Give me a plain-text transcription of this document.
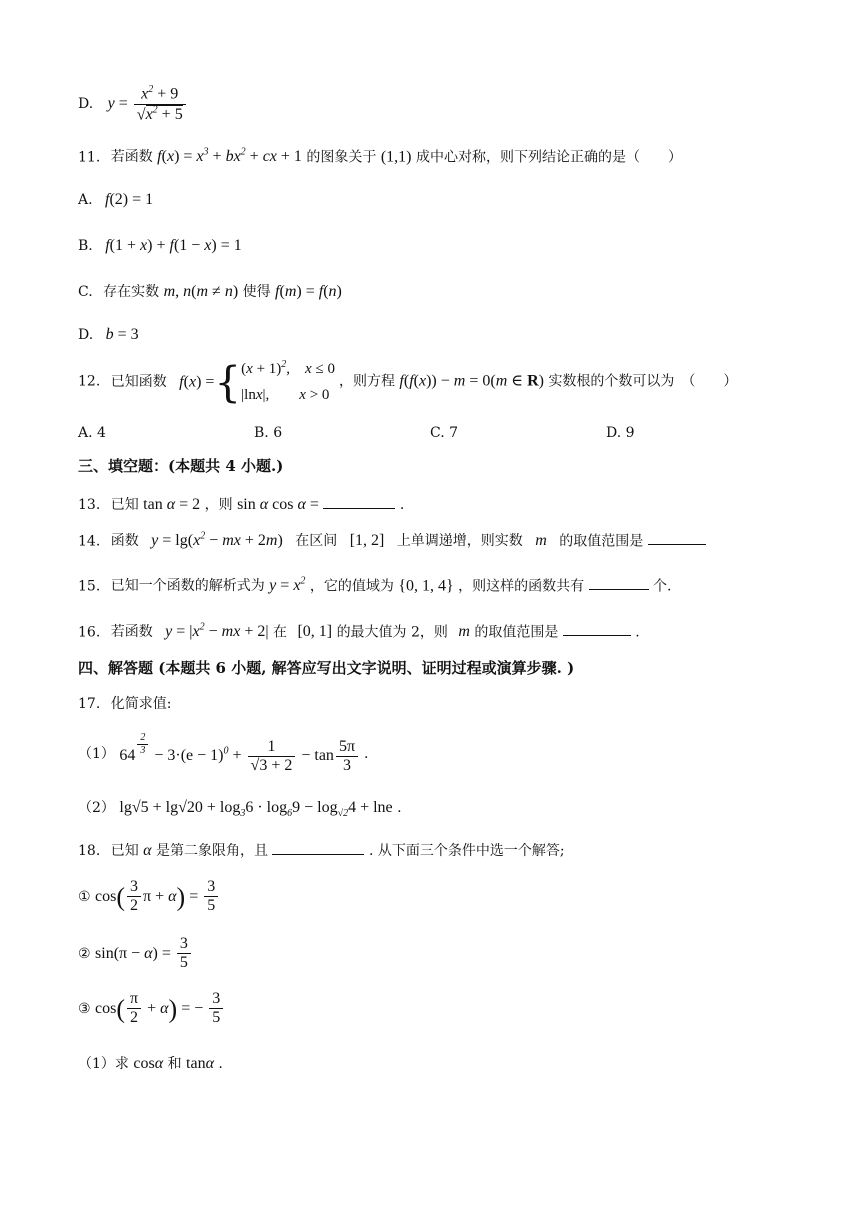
D. $y = \frac{x^2 + 9}{√x^2 + 5}$
11. 若函数 $f(x) = x^3 + bx^2$ + cx + 1 的图象关于 (1,1) 成中心对称，则下列结论正确的是（　　）
A. f(2) = 1
B. f(1 + x) + f(1 − x) = 1
C. 存在实数 m, n(m ≠ n) 使得 f(m) = f(n)
D. b = 3
12. 已知函数 f(x) ={ $(x + 1)^2$,    x ≤ 0
|lnx|,        x > 0
，则方程 f(f(x)) − m = 0(m ∈ R) 实数根的个数可以为　（　　）
A. 4	B. 6	C. 7	D. 9
三、填空题：(本题共 4 小题.)
13. 已知 tan α = 2 ，则 sin α cos α =	.
14. 函数 $y = \lg(x^2$ − mx + 2m) 在区间 [1, 2] 上单调递增，则实数 m 的取值范围是
15. 已知一个函数的解析式为 $y = x^2$ ，它的值域为 {0, 1, 4} ，则这样的函数共有	个.
16. 若函数 $y = |x^2$ − mx + 2| 在 [0, 1] 的最大值为 2，则 m 的取值范围是	.
四、解答题 (本题共 6 小题, 解答应写出文字说明、证明过程或演算步骤. )
17. 化简求值:
（1） 64 $^{\frac{2}{3}} - 3\cdot(e - 1)^0 + \frac{1}{√3 + 2} - \tan \frac{5\pi}{3}$ .
（2） $\lg√5 + \lg√20 + \log_36 \cdot \log_69 - \log_{√2}4 + \ln e$ .
18. 已知 α 是第二象限角，且	. 从下面三个条件中选一个解答;
① $\cos( \frac{3}{2}$ $\pi + \alpha) = \frac{3}{5}$
② $\sin(\pi - \alpha) = \frac{3}{5}$
③ $\cos( \frac{\pi}{2} + \alpha)$ = − $\frac{3}{5}$
（1）求 cosα 和 tanα .
